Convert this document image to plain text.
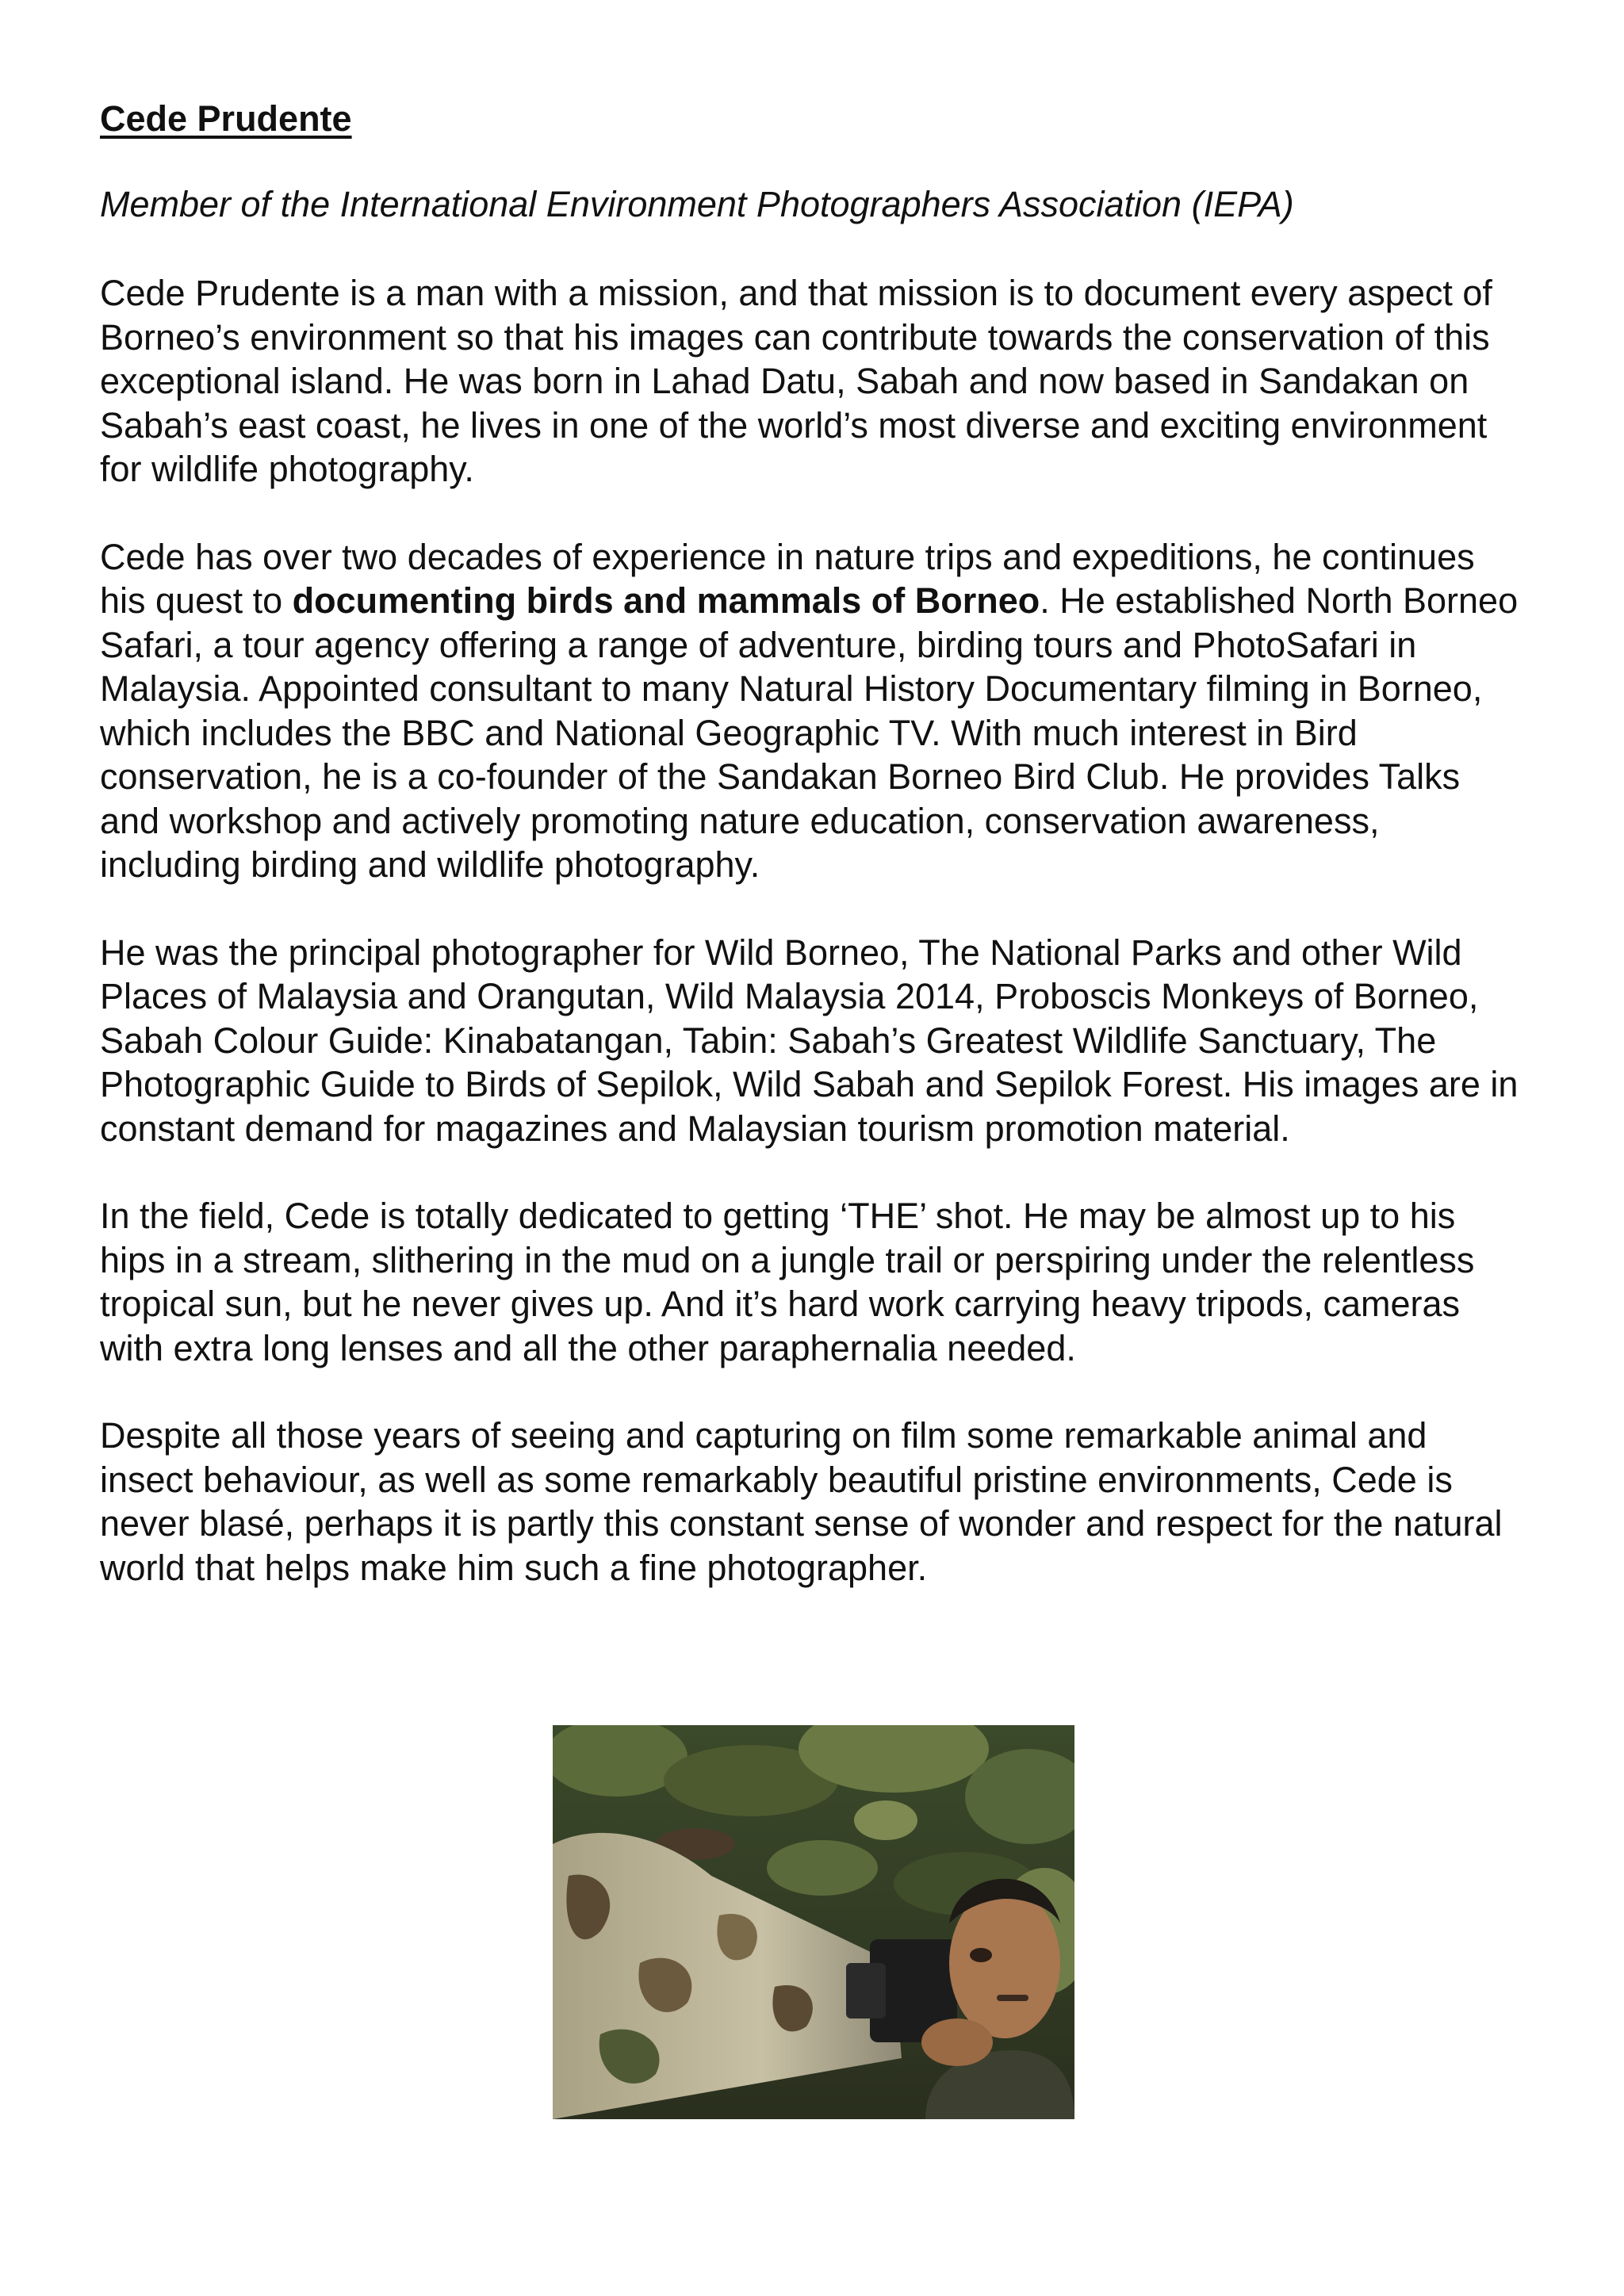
Cede Prudente
Member of the International Environment Photographers Association (IEPA)

Cede Prudente is a man with a mission, and that mission is to document every aspect of Borneo’s environment so that his images can contribute towards the conservation of this exceptional island. He was born in Lahad Datu, Sabah and now based in Sandakan on Sabah’s east coast, he lives in one of the world’s most diverse and exciting environment for wildlife photography.

Cede has over two decades of experience in nature trips and expeditions, he continues his quest to documenting birds and mammals of Borneo. He established North Borneo Safari, a tour agency offering a range of adventure, birding tours and PhotoSafari in Malaysia. Appointed consultant to many Natural History Documentary filming in Borneo, which includes the BBC and National Geographic TV. With much interest in Bird conservation, he is a co-founder of the Sandakan Borneo Bird Club. He provides Talks and workshop and actively promoting nature education, conservation awareness, including birding and wildlife photography.

He was the principal photographer for Wild Borneo, The National Parks and other Wild Places of Malaysia and Orangutan, Wild Malaysia 2014, Proboscis Monkeys of Borneo, Sabah Colour Guide: Kinabatangan, Tabin: Sabah’s Greatest Wildlife Sanctuary, The Photographic Guide to Birds of Sepilok, Wild Sabah and Sepilok Forest. His images are in constant demand for magazines and Malaysian tourism promotion material.

In the field, Cede is totally dedicated to getting ‘THE’ shot. He may be almost up to his hips in a stream, slithering in the mud on a jungle trail or perspiring under the relentless tropical sun, but he never gives up. And it’s hard work carrying heavy tripods, cameras with extra long lenses and all the other paraphernalia needed.

Despite all those years of seeing and capturing on film some remarkable animal and insect behaviour, as well as some remarkably beautiful pristine environments, Cede is never blasé, perhaps it is partly this constant sense of wonder and respect for the natural world that helps make him such a fine photographer.
